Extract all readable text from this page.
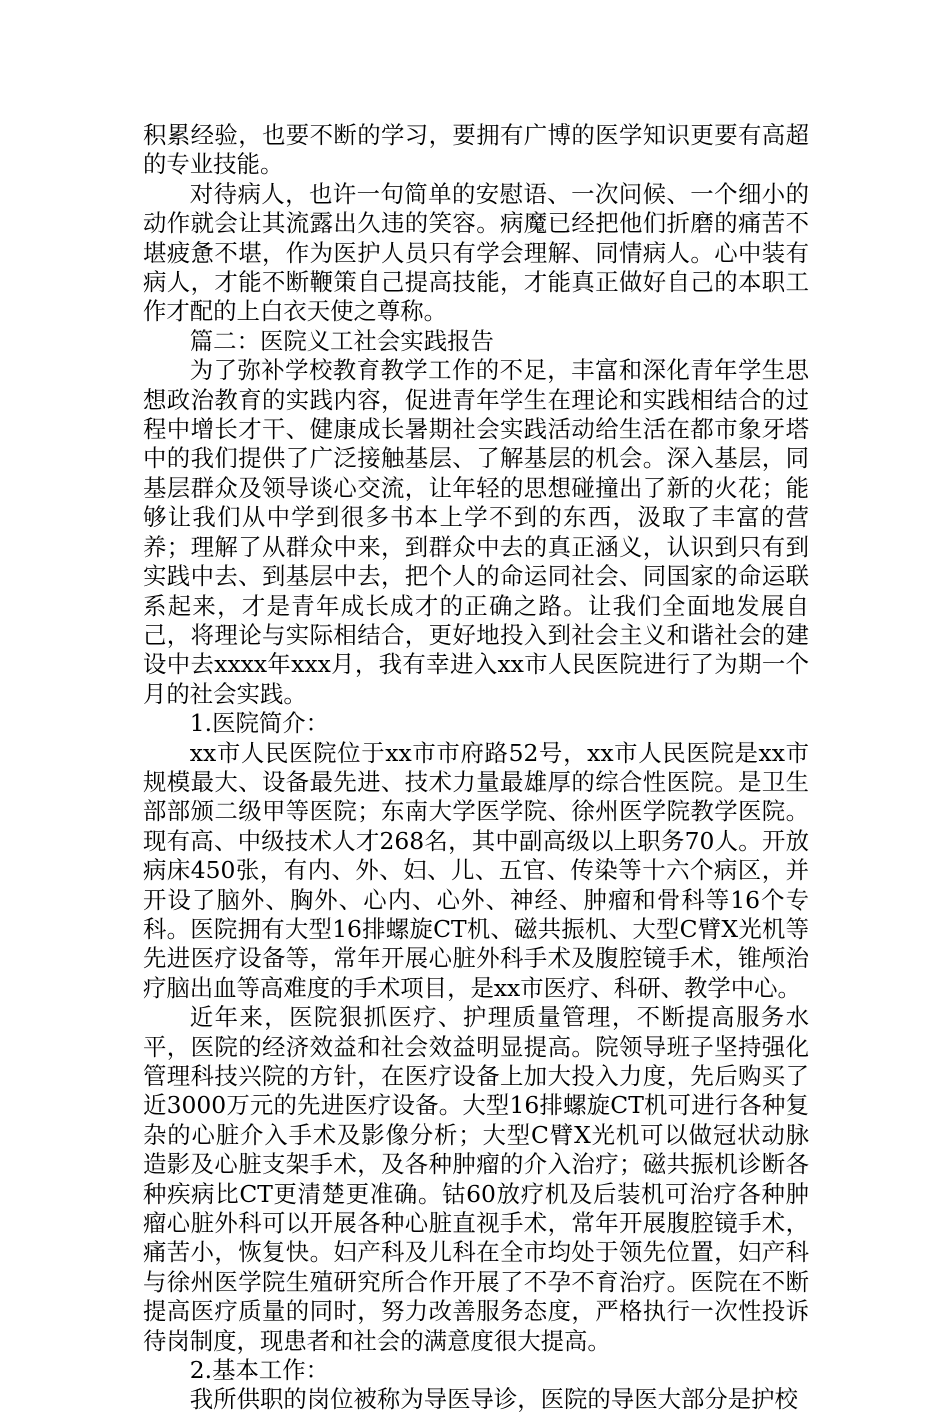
积累经验，也要不断的学习，要拥有广博的医学知识更要有高超的专业技能。

对待病人，也许一句简单的安慰语、一次问候、一个细小的动作就会让其流露出久违的笑容。病魔已经把他们折磨的痛苦不堪疲惫不堪，作为医护人员只有学会理解、同情病人。心中装有病人，才能不断鞭策自己提高技能，才能真正做好自己的本职工作才配的上白衣天使之尊称。

篇二：医院义工社会实践报告

为了弥补学校教育教学工作的不足，丰富和深化青年学生思想政治教育的实践内容，促进青年学生在理论和实践相结合的过程中增长才干、健康成长暑期社会实践活动给生活在都市象牙塔中的我们提供了广泛接触基层、了解基层的机会。深入基层，同基层群众及领导谈心交流，让年轻的思想碰撞出了新的火花；能够让我们从中学到很多书本上学不到的东西，汲取了丰富的营养；理解了从群众中来，到群众中去的真正涵义，认识到只有到实践中去、到基层中去，把个人的命运同社会、同国家的命运联系起来，才是青年成长成才的正确之路。让我们全面地发展自己，将理论与实际相结合，更好地投入到社会主义和谐社会的建设中去xxxx年xxx月，我有幸进入xx市人民医院进行了为期一个月的社会实践。

1.医院简介：

xx市人民医院位于xx市市府路52号，xx市人民医院是xx市规模最大、设备最先进、技术力量最雄厚的综合性医院。是卫生部部颁二级甲等医院；东南大学医学院、徐州医学院教学医院。现有高、中级技术人才268名，其中副高级以上职务70人。开放病床450张，有内、外、妇、儿、五官、传染等十六个病区，并开设了脑外、胸外、心内、心外、神经、肿瘤和骨科等16个专科。医院拥有大型16排螺旋CT机、磁共振机、大型C臂X光机等先进医疗设备等，常年开展心脏外科手术及腹腔镜手术，锥颅治疗脑出血等高难度的手术项目，是xx市医疗、科研、教学中心。

近年来，医院狠抓医疗、护理质量管理，不断提高服务水平，医院的经济效益和社会效益明显提高。院领导班子坚持强化管理科技兴院的方针，在医疗设备上加大投入力度，先后购买了近3000万元的先进医疗设备。大型16排螺旋CT机可进行各种复杂的心脏介入手术及影像分析；大型C臂X光机可以做冠状动脉造影及心脏支架手术，及各种肿瘤的介入治疗；磁共振机诊断各种疾病比CT更清楚更准确。钴60放疗机及后装机可治疗各种肿瘤心脏外科可以开展各种心脏直视手术，常年开展腹腔镜手术，痛苦小，恢复快。妇产科及儿科在全市均处于领先位置，妇产科与徐州医学院生殖研究所合作开展了不孕不育治疗。医院在不断提高医疗质量的同时，努力改善服务态度，严格执行一次性投诉待岗制度，现患者和社会的满意度很大提高。

2.基本工作：

我所供职的岗位被称为导医导诊，医院的导医大部分是护校
